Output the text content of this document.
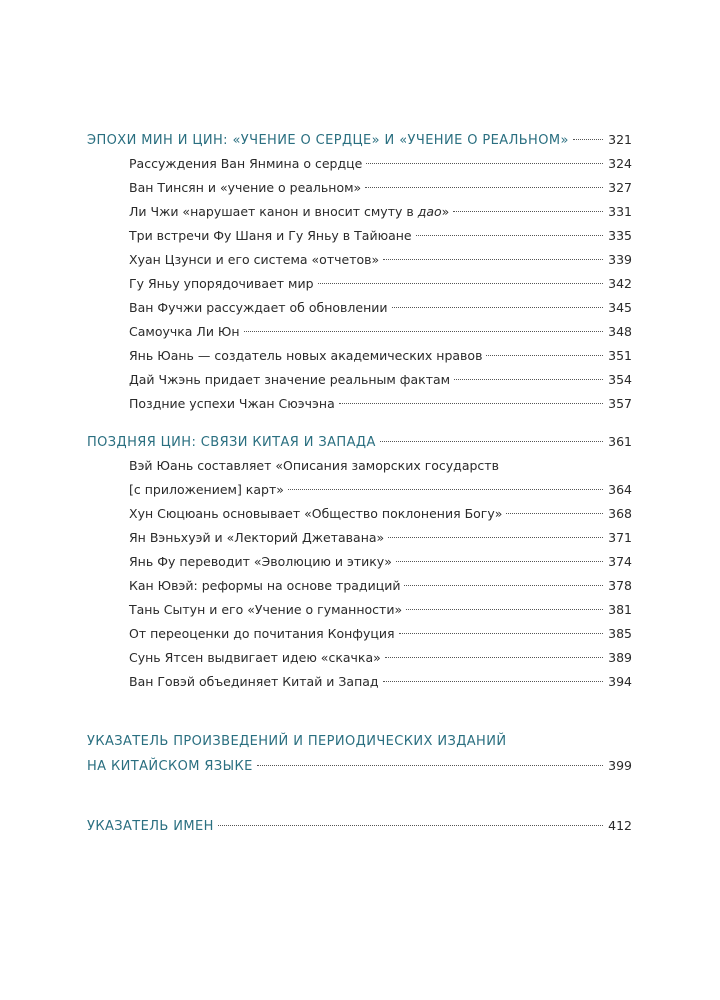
ЭПОХИ МИН И ЦИН: «УЧЕНИЕ О СЕРДЦЕ» И «УЧЕНИЕ О РЕАЛЬНОМ»	321
Рассуждения Ван Янмина о сердце	324
Ван Тинсян и «учение о реальном»	327
Ли Чжи «нарушает канон и вносит смуту в дао»	331
Три встречи Фу Шаня и Гу Яньу в Тайюане	335
Хуан Цзунси и его система «отчетов»	339
Гу Яньу упорядочивает мир	342
Ван Фучжи рассуждает об обновлении	345
Самоучка Ли Юн	348
Янь Юань — создатель новых академических нравов	351
Дай Чжэнь придает значение реальным фактам	354
Поздние успехи Чжан Сюэчэна	357
ПОЗДНЯЯ ЦИН: СВЯЗИ КИТАЯ И ЗАПАДА	361
Вэй Юань составляет «Описания заморских государств
[с приложением] карт»	364
Хун Сюцюань основывает «Общество поклонения Богу»	368
Ян Вэньхуэй и «Лекторий Джетавана»	371
Янь Фу переводит «Эволюцию и этику»	374
Кан Ювэй: реформы на основе традиций	378
Тань Сытун и его «Учение о гуманности»	381
От переоценки до почитания Конфуция	385
Сунь Ятсен выдвигает идею «скачка»	389
Ван Говэй объединяет Китай и Запад	394
УКАЗАТЕЛЬ ПРОИЗВЕДЕНИЙ И ПЕРИОДИЧЕСКИХ ИЗДАНИЙ
НА КИТАЙСКОМ ЯЗЫКЕ	399
УКАЗАТЕЛЬ ИМЕН	412
